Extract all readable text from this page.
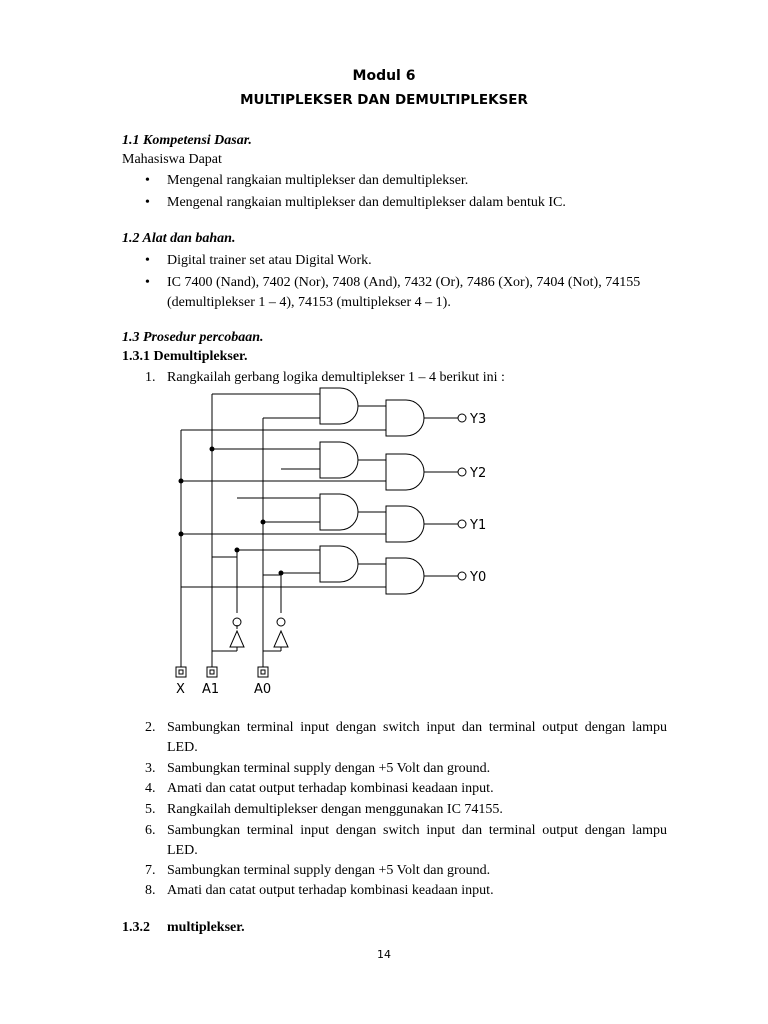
Modul 6
MULTIPLEKSER DAN DEMULTIPLEKSER
1.1 Kompetensi Dasar.
Mahasiswa Dapat
• Mengenal rangkaian multiplekser dan demultiplekser.
• Mengenal rangkaian multiplekser dan demultiplekser dalam bentuk IC.
1.2 Alat dan bahan.
• Digital trainer set atau Digital Work.
• IC 7400 (Nand), 7402 (Nor), 7408 (And), 7432 (Or), 7486 (Xor), 7404 (Not), 74155
(demultiplekser 1 – 4), 74153 (multiplekser 4 – 1).
1.3 Prosedur percobaan.
1.3.1 Demultiplekser.
1. Rangkailah gerbang logika demultiplekser 1 – 4 berikut ini :
X A1	A0
Y3
Y2
Y1
Y0
2. Sambungkan terminal input dengan switch input dan terminal output dengan lampu
LED.
3. Sambungkan terminal supply dengan +5 Volt dan ground.
4. Amati dan catat output terhadap kombinasi keadaan input.
5. Rangkailah demultiplekser dengan menggunakan IC 74155.
6. Sambungkan terminal input dengan switch input dan terminal output dengan lampu
LED.
7. Sambungkan terminal supply dengan +5 Volt dan ground.
8. Amati dan catat output terhadap kombinasi keadaan input.
1.3.2 multiplekser.
14
